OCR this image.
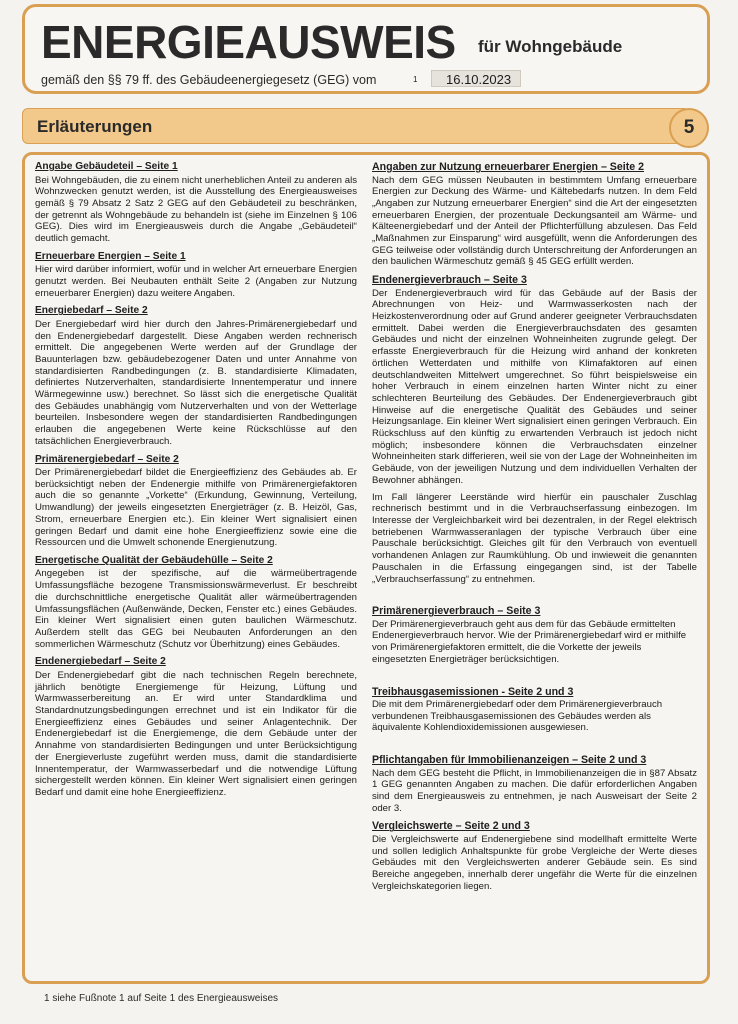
ENERGIEAUSWEIS für Wohngebäude
gemäß den §§ 79 ff. des Gebäudeenergiegesetz (GEG) vom	1	16.10.2023
Erläuterungen	5
Angabe Gebäudeteil – Seite 1

Bei Wohngebäuden, die zu einem nicht unerheblichen Anteil zu anderen als Wohnzwecken genutzt werden, ist die Ausstellung des Energieausweises gemäß § 79 Absatz 2 Satz 2 GEG auf den Gebäudeteil zu beschränken, der getrennt als Wohngebäude zu behandeln ist (siehe im Einzelnen § 106 GEG). Dies wird im Energieausweis durch die Angabe „Gebäudeteil“ deutlich gemacht.

Erneuerbare Energien – Seite 1

Hier wird darüber informiert, wofür und in welcher Art erneuerbare Energien genutzt werden. Bei Neubauten enthält Seite 2 (Angaben zur Nutzung erneuerbarer Energien) dazu weitere Angaben.

Energiebedarf – Seite 2

Der Energiebedarf wird hier durch den Jahres-Primärenergiebedarf und den Endenergiebedarf dargestellt. Diese Angaben werden rechnerisch ermittelt. Die angegebenen Werte werden auf der Grundlage der Bauunterlagen bzw. gebäudebezogener Daten und unter Annahme von standardisierten Randbedingungen (z. B. standardisierte Klimadaten, definiertes Nutzerverhalten, standardisierte Innentemperatur und innere Wärmegewinne usw.) berechnet. So lässt sich die energetische Qualität des Gebäudes unabhängig vom Nutzerverhalten und von der Wetterlage beurteilen. Insbesondere wegen der standardisierten Randbedingungen erlauben die angegebenen Werte keine Rückschlüsse auf den tatsächlichen Energieverbrauch.

Primärenergiebedarf – Seite 2

Der Primärenergiebedarf bildet die Energieeffizienz des Gebäudes ab. Er berücksichtigt neben der Endenergie mithilfe von Primärenergiefaktoren auch die so genannte „Vorkette“ (Erkundung, Gewinnung, Verteilung, Umwandlung) der jeweils eingesetzten Energieträger (z. B. Heizöl, Gas, Strom, erneuerbare Energien etc.). Ein kleiner Wert signalisiert einen geringen Bedarf und damit eine hohe Energieeffizienz sowie eine die Ressourcen und die Umwelt schonende Energienutzung.

Energetische Qualität der Gebäudehülle – Seite 2

Angegeben ist der spezifische, auf die wärmeübertragende Umfassungsfläche bezogene Transmissionswärmeverlust. Er beschreibt die durchschnittliche energetische Qualität aller wärmeübertragenden Umfassungsflächen (Außenwände, Decken, Fenster etc.) eines Gebäudes. Ein kleiner Wert signalisiert einen guten baulichen Wärmeschutz. Außerdem stellt das GEG bei Neubauten Anforderungen an den sommerlichen Wärmeschutz (Schutz vor Überhitzung) eines Gebäudes.

Endenergiebedarf – Seite 2

Der Endenergiebedarf gibt die nach technischen Regeln berechnete, jährlich benötigte Energiemenge für Heizung, Lüftung und Warmwasserbereitung an. Er wird unter Standardklima und Standardnutzungsbedingungen errechnet und ist ein Indikator für die Energieeffizienz eines Gebäudes und seiner Anlagentechnik. Der Endenergiebedarf ist die Energiemenge, die dem Gebäude unter der Annahme von standardisierten Bedingungen und unter Berücksichtigung der Energieverluste zugeführt werden muss, damit die standardisierte Innentemperatur, der Warmwasserbedarf und die notwendige Lüftung sichergestellt werden können. Ein kleiner Wert signalisiert einen geringen Bedarf und damit eine hohe Energieeffizienz.

Angaben zur Nutzung erneuerbarer Energien – Seite 2

Nach dem GEG müssen Neubauten in bestimmtem Umfang erneuerbare Energien zur Deckung des Wärme- und Kältebedarfs nutzen. In dem Feld „Angaben zur Nutzung erneuerbarer Energien“ sind die Art der eingesetzten erneuerbaren Energien, der prozentuale Deckungsanteil am Wärme- und Kälteenergiebedarf und der Anteil der Pflichterfüllung abzulesen. Das Feld „Maßnahmen zur Einsparung“ wird ausgefüllt, wenn die Anforderungen des GEG teilweise oder vollständig durch Unterschreitung der Anforderungen an den baulichen Wärmeschutz gemäß § 45 GEG erfüllt werden.

Endenergieverbrauch – Seite 3

Der Endenergieverbrauch wird für das Gebäude auf der Basis der Abrechnungen von Heiz- und Warmwasserkosten nach der Heizkostenverordnung oder auf Grund anderer geeigneter Verbrauchsdaten ermittelt. Dabei werden die Energieverbrauchsdaten des gesamten Gebäudes und nicht der einzelnen Wohneinheiten zugrunde gelegt. Der erfasste Energieverbrauch für die Heizung wird anhand der konkreten örtlichen Wetterdaten und mithilfe von Klimafaktoren auf einen deutschlandweiten Mittelwert umgerechnet. So führt beispielsweise ein hoher Verbrauch in einem einzelnen harten Winter nicht zu einer schlechteren Beurteilung des Gebäudes. Der Endenergieverbrauch gibt Hinweise auf die energetische Qualität des Gebäudes und seiner Heizungsanlage. Ein kleiner Wert signalisiert einen geringen Verbrauch. Ein Rückschluss auf den künftig zu erwartenden Verbrauch ist jedoch nicht möglich; insbesondere können die Verbrauchsdaten einzelner Wohneinheiten stark differieren, weil sie von der Lage der Wohneinheiten im Gebäude, von der jeweiligen Nutzung und dem individuellen Verhalten der Bewohner abhängen.

Im Fall längerer Leerstände wird hierfür ein pauschaler Zuschlag rechnerisch bestimmt und in die Verbrauchserfassung einbezogen. Im Interesse der Vergleichbarkeit wird bei dezentralen, in der Regel elektrisch betriebenen Warmwasseranlagen der typische Verbrauch über eine Pauschale berücksichtigt. Gleiches gilt für den Verbrauch von eventuell vorhandenen Anlagen zur Raumkühlung. Ob und inwieweit die genannten Pauschalen in die Erfassung eingegangen sind, ist der Tabelle „Verbrauchserfassung“ zu entnehmen.

Primärenergieverbrauch – Seite 3

Der Primärenergieverbrauch geht aus dem für das Gebäude ermittelten Endenergieverbrauch hervor. Wie der Primärenergiebedarf wird er mithilfe von Primärenergiefaktoren ermittelt, die die Vorkette der jeweils eingesetzten Energieträger berücksichtigen.

Treibhausgasemissionen - Seite 2 und 3

Die mit dem Primärenergiebedarf oder dem Primärenergieverbrauch verbundenen Treibhausgasemissionen des Gebäudes werden als äquivalente Kohlendioxidemissionen ausgewiesen.

Pflichtangaben für Immobilienanzeigen – Seite 2 und 3

Nach dem GEG besteht die Pflicht, in Immobilienanzeigen die in §87 Absatz 1 GEG genannten Angaben zu machen. Die dafür erforderlichen Angaben sind dem Energieausweis zu entnehmen, je nach Ausweisart der Seite 2 oder 3.

Vergleichswerte – Seite 2 und 3

Die Vergleichswerte auf Endenergiebene sind modellhaft ermittelte Werte und sollen lediglich Anhaltspunkte für grobe Vergleiche der Werte dieses Gebäudes mit den Vergleichswerten anderer Gebäude sein. Es sind Bereiche angegeben, innerhalb derer ungefähr die Werte für die einzelnen Vergleichskategorien liegen.

1 siehe Fußnote 1 auf Seite 1 des Energieausweises
